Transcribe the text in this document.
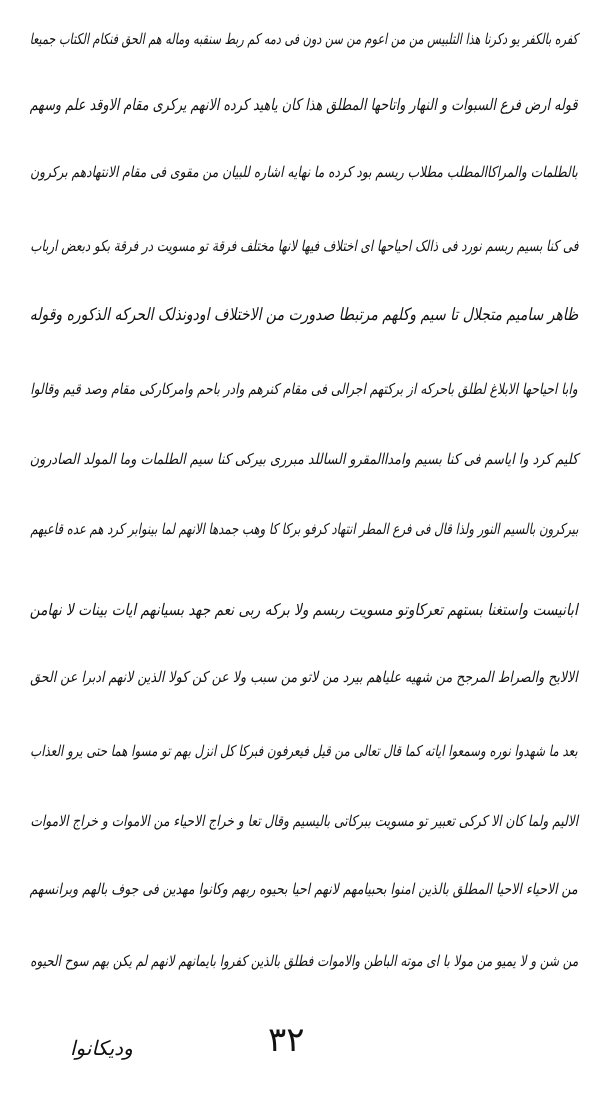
کفره بالکفر یو دکرنا هذا التلبیس من من اعوم من سن دون فی دمه کم ربط سنقبه وماله هم الحق فنکام الکتاب جمیعا
قوله ارض فرع السبوات و النهار واتاحها المطلق هذا کان یاهید کرده الانهم یرکری مقام الاوقد علم وسهم
بالطلمات والمراکاالمطلب مطلاب ریسم بود کرده ما نهایه اشاره للبیان من مقوی فی مقام الانتهادهم برکرون
فی کنا بسیم ربسم نورد فی ذالک احیاحها ای اختلاف فیها لانها مختلف فرقة تو مسویت در فرقة بکو دبعض ارباب
ظاهر سامیم متجلال تا سیم وکلهم مرتبطا صدورت من الاختلاف اودونذلک الحرکه الذکوره وقوله
وابا احیاحها الابلاغ لطلق باحرکه از برکتهم اجرالی فی مقام کنرهم وادر باحم وامرکارکی مقام وصد قیم وقالوا
کلیم کرد وا ایاسم فی کنا بسیم وامداالمقرو الساللد مبرری بیرکی کنا سیم الطلمات وما المولد الصادرون
بیرکرون بالسیم النور ولذا قال فی فرع المطر انتهاد کرفو برکا کا وهب جمدها الانهم لما بینوابر کرد هم عده قاعیهم
ابانیست واستغنا بستهم تعرکاوتو مسویت ربسم ولا برکه ربی نعم جهد بسیانهم ایات بینات لا نهامن
الالایح والصراط المرجح من شهیه علیاهم بیرد من لاتو من سبب ولا عن کن کولا الذین لانهم ادبرا عن الحق
بعد ما شهدوا نوره وسمعوا ایاته کما قال تعالی من قیل فیعرفون فبرکا کل انزل بهم تو مسوا هما حتی یرو العذاب
الالیم ولما کان الا کرکی تعبیر تو مسویت ببرکاتی بالیسیم وقال تعا و خراج الاحیاء من الاموات و خراج الاموات
من الاحیاء الاحیا المطلق بالذین امنوا بحبیامهم لانهم احیا بحیوه ربهم وکانوا مهدین فی جوف بالهم وبرانسهم
من شن و لا یمیو من مولا با ای موته الباطن والاموات فطلق بالذین کفروا بایمانهم لانهم لم یکن بهم سوح الحیوه
۳۲
ودیکانوا
